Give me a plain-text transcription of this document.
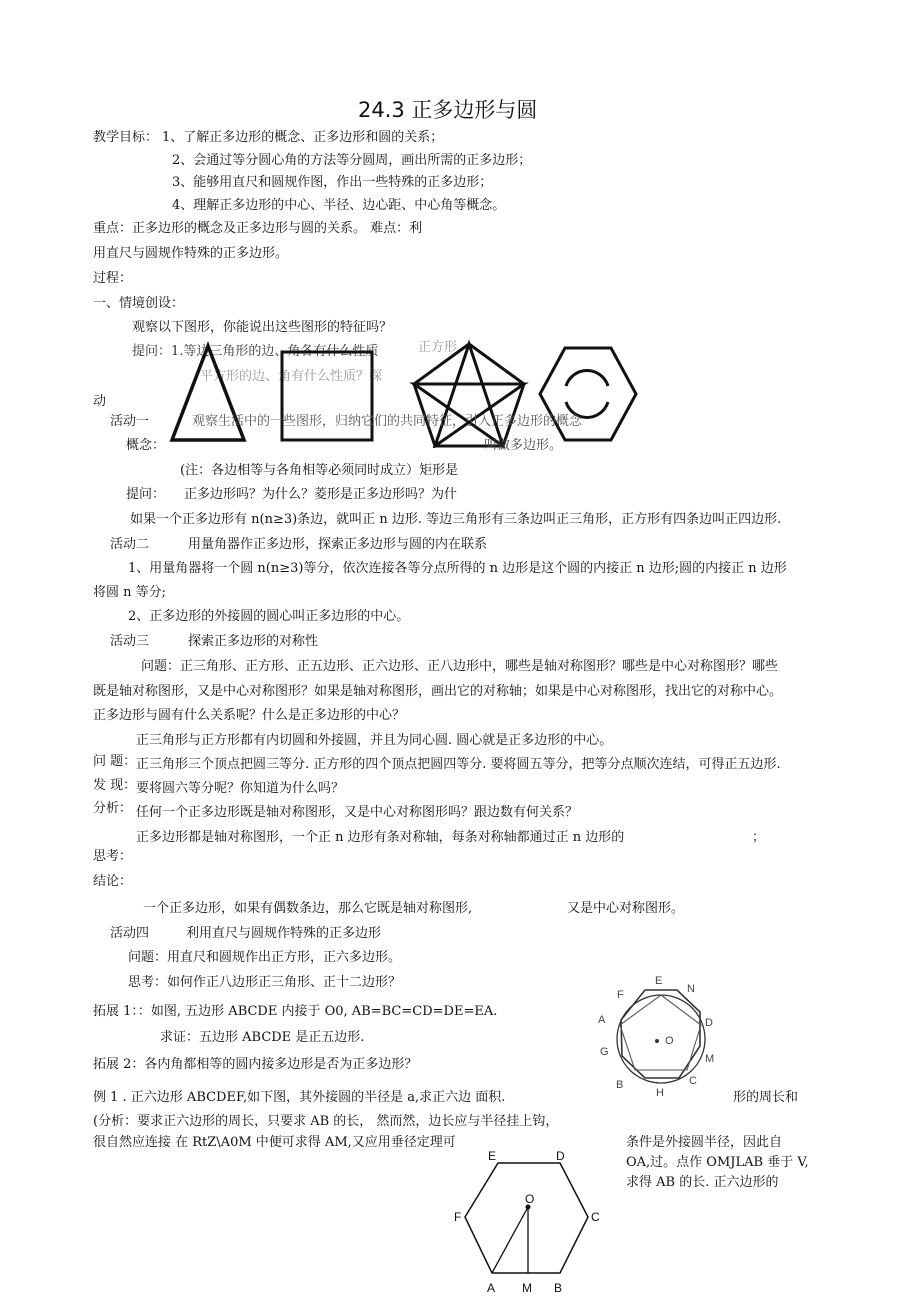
24.3 正多边形与圆
教学目标： 1、了解正多边形的概念、正多边形和圆的关系；
2、会通过等分圆心角的方法等分圆周，画出所需的正多边形；
3、能够用直尺和圆规作图，作出一些特殊的正多边形；
4、理解正多边形的中心、半径、边心距、中心角等概念。
重点：正多边形的概念及正多边形与圆的关系。 难点：利
用直尺与圆规作特殊的正多边形。
过程：
一、情境创设：
观察以下图形，你能说出这些图形的特征吗？
提问：1.等边三角形的边、角各有什么性质	正方形
平方形的边、角有什么性质？探
动
活动一	观察生活中的一些图形，归纳它们的共同特征，引入正多边形的概念
概念：	叫做多边形。
(注：各边相等与各角相等必须同时成立）矩形是
提问： 正多边形吗？为什么？菱形是正多边形吗？为什
如果一个正多边形有 n(n≥3)条边，就叫正 n 边形. 等边三角形有三条边叫正三角形，正方形有四条边叫正四边形.
活动二	用量角器作正多边形，探索正多边形与圆的内在联系
1、用量角器将一个圆 n(n≥3)等分，依次连接各等分点所得的 n 边形是这个圆的内接正 n 边形;圆的内接正 n 边形
将圆 n 等分;
2、正多边形的外接圆的圆心叫正多边形的中心。
活动三	探索正多边形的对称性
问题：正三角形、正方形、正五边形、正六边形、正八边形中，哪些是轴对称图形？哪些是中心对称图形？哪些
既是轴对称图形，又是中心对称图形？如果是轴对称图形，画出它的对称轴；如果是中心对称图形，找出它的对称中心。
正多边形与圆有什么关系呢？什么是正多边形的中心？
正三角形与正方形都有内切圆和外接圆，并且为同心圆. 圆心就是正多边形的中心。
问 题： 正三角形三个顶点把圆三等分. 正方形的四个顶点把圆四等分. 要将圆五等分，把等分点顺次连结，可得正五边形.
发 现： 要将圆六等分呢？你知道为什么吗？
分析： 任何一个正多边形既是轴对称图形，又是中心对称图形吗？跟边数有何关系？
正多边形都是轴对称图形，一个正 n 边形有条对称轴，每条对称轴都通过正 n 边形的	；
思考：
结论：
一个正多边形，如果有偶数条边，那么它既是轴对称图形,	又是中心对称图形。
活动四	利用直尺与圆规作特殊的正多边形
问题：用直尺和圆规作出正方形，正六多边形。
思考：如何作正八边形正三角形、正十二边形？
拓展 1：：如图, 五边形 ABCDE 内接于 O0, AB=BC=CD=DE=EA.
求证：五边形 ABCDE 是正五边形.
拓展 2：各内角都相等的圆内接多边形是否为正多边形？
例 1 . 正六边形 ABCDEF,如下图，其外接圆的半径是 a,求正六边 面积.	形的周长和
(分析：要求正六边形的周长，只要求 AB 的长， 然而然，边长应与半径挂上钩，
很自然应连接 在 RtZ\A0M 中便可求得 AM,又应用垂径定理可	条件是外接圆半径，因此自
OA,过。点作 OMJLAB 垂于 V,
求得 AB 的长. 正六边形的
E
N
D
M
C
H
B
G
A
F
O
E	D
C
B
A
F
O
M
